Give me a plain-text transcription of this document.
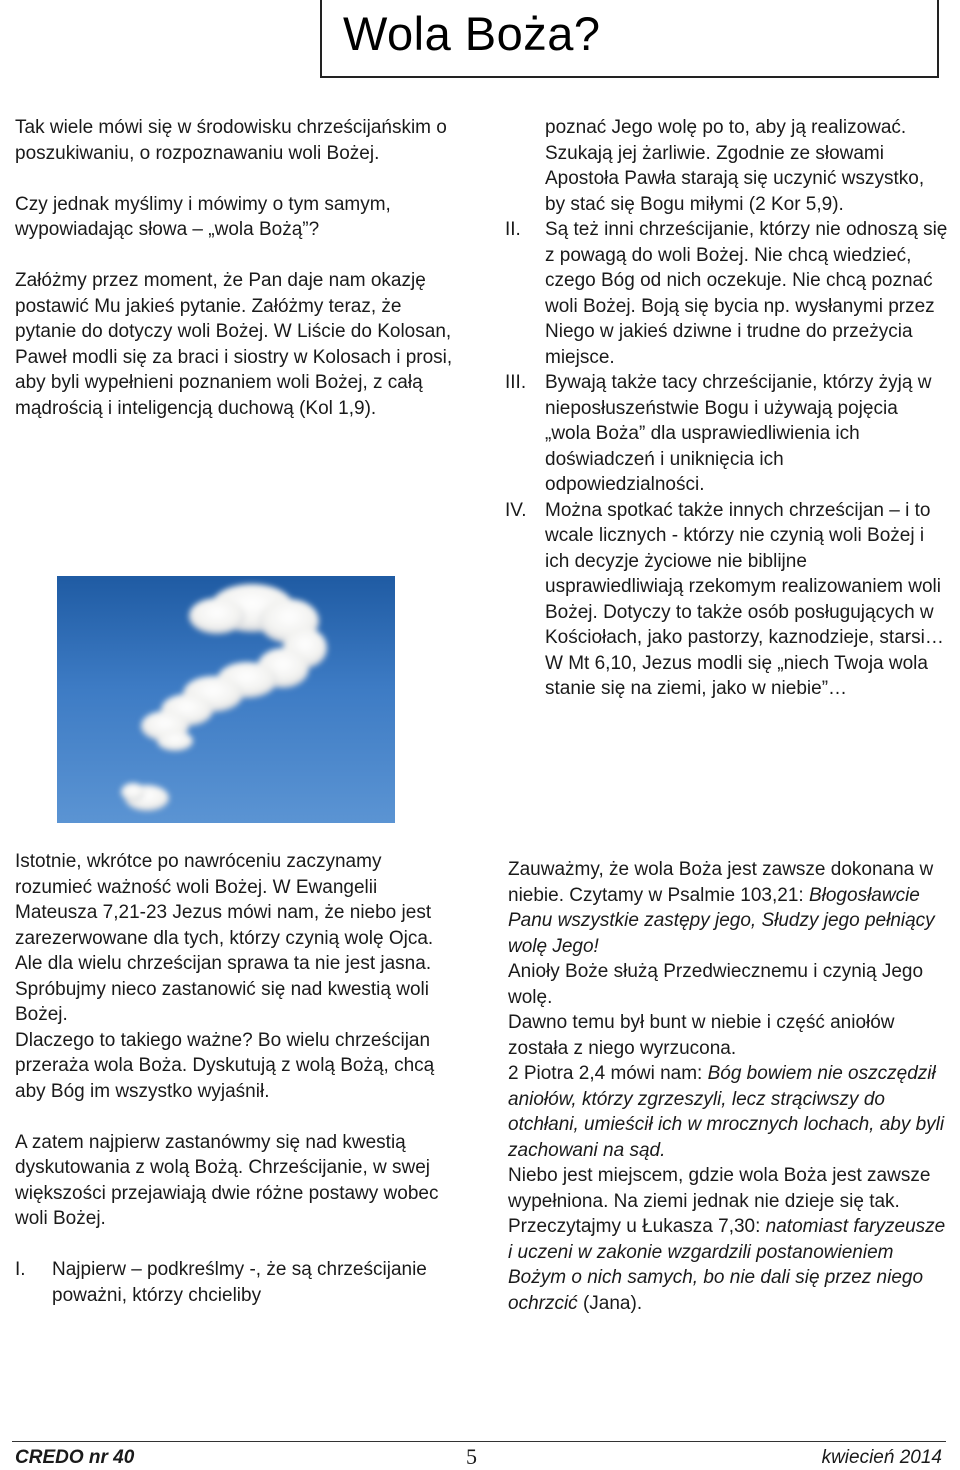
Wola Boża?

Tak wiele mówi się w środowisku chrześcijańskim o poszukiwaniu, o rozpoznawaniu woli Bożej.

Czy jednak myślimy i mówimy o tym samym, wypowiadając słowa – „wola Bożą”?

Załóżmy przez moment, że Pan daje nam okazję postawić Mu jakieś pytanie. Załóżmy teraz, że pytanie do dotyczy woli Bożej. W Liście do Kolosan, Paweł modli się za braci i siostry w Kolosach i prosi, aby byli wypełnieni poznaniem woli Bożej, z całą mądrością i inteligencją duchową (Kol 1,9).

Istotnie, wkrótce po nawróceniu zaczynamy rozumieć ważność woli Bożej. W Ewangelii Mateusza 7,21-23 Jezus mówi nam, że niebo jest zarezerwowane dla tych, którzy czynią wolę Ojca. Ale dla wielu chrześcijan sprawa ta nie jest jasna. Spróbujmy nieco zastanowić się nad kwestią woli Bożej.

Dlaczego to takiego ważne? Bo wielu chrześcijan przeraża wola Boża. Dyskutują z wolą Bożą, chcą aby Bóg im wszystko wyjaśnił.

A zatem najpierw zastanówmy się nad kwestią dyskutowania z wolą Bożą. Chrześcijanie, w swej większości przejawiają dwie różne postawy wobec woli Bożej.

I. Najpierw – podkreślmy -, że są chrześcijanie poważni, którzy chcieliby
poznać Jego wolę po to, aby ją realizować. Szukają jej żarliwie. Zgodnie ze słowami Apostoła Pawła starają się uczynić wszystko, by stać się Bogu miłymi (2 Kor 5,9).
II. Są też inni chrześcijanie, którzy nie odnoszą się z powagą do woli Bożej. Nie chcą wiedzieć, czego Bóg od nich oczekuje. Nie chcą poznać woli Bożej. Boją się bycia np. wysłanymi przez Niego w jakieś dziwne i trudne do przeżycia miejsce.
III. Bywają także tacy chrześcijanie, którzy żyją w nieposłuszeństwie Bogu i używają pojęcia „wola Boża” dla usprawiedliwienia ich doświadczeń i uniknięcia ich odpowiedzialności.
IV. Można spotkać także innych chrześcijan – i to wcale licznych - którzy nie czynią woli Bożej i ich decyzje życiowe nie biblijne usprawiedliwiają rzekomym realizowaniem woli Bożej. Dotyczy to także osób posługujących w Kościołach, jako pastorzy, kaznodzieje, starsi… W Mt 6,10, Jezus modli się „niech Twoja wola stanie się na ziemi, jako w niebie”…

Zauważmy, że wola Boża jest zawsze dokonana w niebie. Czytamy w Psalmie 103,21: Błogosławcie Panu wszystkie zastępy jego, Słudzy jego pełniący wolę Jego!

Anioły Boże służą Przedwiecznemu i czynią Jego wolę.

Dawno temu był bunt w niebie i część aniołów została z niego wyrzucona.

2 Piotra 2,4 mówi nam: Bóg bowiem nie oszczędził aniołów, którzy zgrzeszyli, lecz strąciwszy do otchłani, umieścił ich w mrocznych lochach, aby byli zachowani na sąd.

Niebo jest miejscem, gdzie wola Boża jest zawsze wypełniona. Na ziemi jednak nie dzieje się tak.

Przeczytajmy u Łukasza 7,30: natomiast faryzeusze i uczeni w zakonie wzgardzili postanowieniem Bożym o nich samych, bo nie dali się przez niego ochrzcić (Jana).

CREDO nr 40	5	kwiecień 2014
